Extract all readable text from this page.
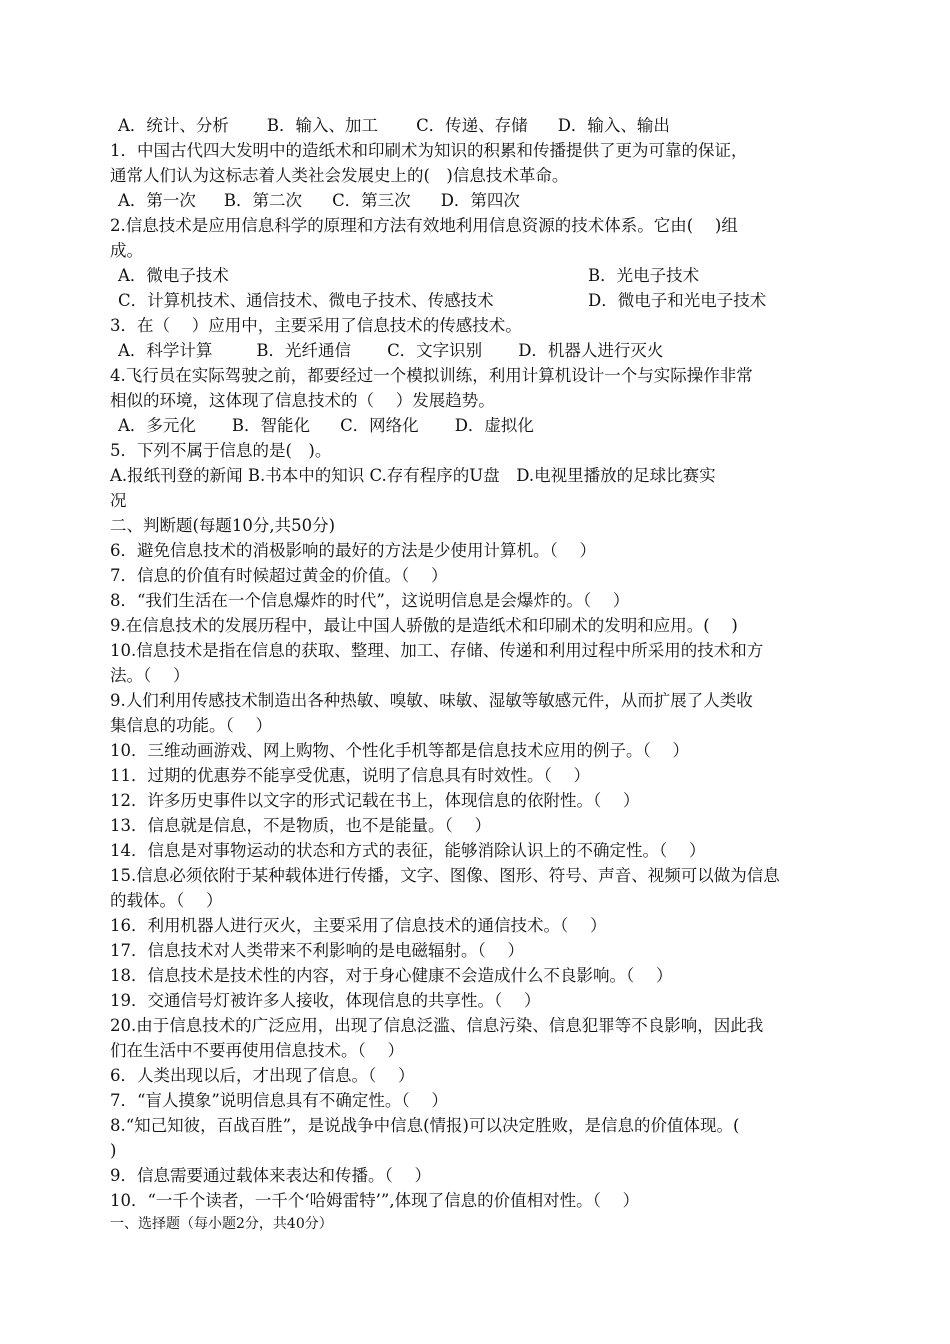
A．统计、分析 B．输入、加工 C．传递、存储 D．输入、输出
1．中国古代四大发明中的造纸术和印刷术为知识的积累和传播提供了更为可靠的保证，
通常人们认为这标志着人类社会发展史上的(　)信息技术革命。
A．第一次 B．第二次 C．第三次 D．第四次
2.信息技术是应用信息科学的原理和方法有效地利用信息资源的技术体系。它由(　 )组
成。
A．微电子技术	B．光电子技术
C．计算机技术、通信技术、微电子技术、传感技术	D．微电子和光电子技术
3．在（　 ）应用中，主要采用了信息技术的传感技术。
A．科学计算	B．光纤通信 C．文字识别 D．机器人进行灭火
4.飞行员在实际驾驶之前，都要经过一个模拟训练，利用计算机设计一个与实际操作非常
相似的环境，这体现了信息技术的（　 ）发展趋势。
A．多元化 B．智能化 C．网络化 D．虚拟化
5．下列不属于信息的是(　)。
A.报纸刊登的新闻 B.书本中的知识 C.存有程序的U盘　D.电视里播放的足球比赛实
况
二、判断题(每题10分,共50分)
6．避免信息技术的消极影响的最好的方法是少使用计算机。（　 ）
7．信息的价值有时候超过黄金的价值。（　 ）
8．“我们生活在一个信息爆炸的时代”，这说明信息是会爆炸的。（　 ）
9.在信息技术的发展历程中，最让中国人骄傲的是造纸术和印刷术的发明和应用。(　 )
10.信息技术是指在信息的获取、整理、加工、存储、传递和利用过程中所采用的技术和方
法。（　 ）
9.人们利用传感技术制造出各种热敏、嗅敏、味敏、湿敏等敏感元件，从而扩展了人类收
集信息的功能。（　 ）
10．三维动画游戏、网上购物、个性化手机等都是信息技术应用的例子。（　 ）
11．过期的优惠券不能享受优惠，说明了信息具有时效性。（　 ）
12．许多历史事件以文字的形式记载在书上，体现信息的依附性。（　 ）
13．信息就是信息，不是物质，也不是能量。（　 ）
14．信息是对事物运动的状态和方式的表征，能够消除认识上的不确定性。（　 ）
15.信息必须依附于某种载体进行传播，文字、图像、图形、符号、声音、视频可以做为信息
的载体。（　 ）
16．利用机器人进行灭火，主要采用了信息技术的通信技术。（　 ）
17．信息技术对人类带来不利影响的是电磁辐射。（　 ）
18．信息技术是技术性的内容，对于身心健康不会造成什么不良影响。（　 ）
19．交通信号灯被许多人接收，体现信息的共享性。（　 ）
20.由于信息技术的广泛应用，出现了信息泛滥、信息污染、信息犯罪等不良影响，因此我
们在生活中不要再使用信息技术。（　 ）
6．人类出现以后，才出现了信息。（　 ）
7．“盲人摸象”说明信息具有不确定性。（　 ）
8.“知己知彼，百战百胜”，是说战争中信息(情报)可以决定胜败，是信息的价值体现。(
)
9．信息需要通过载体来表达和传播。（　 ）
10．“一千个读者，一千个‘哈姆雷特’”,体现了信息的价值相对性。（　 ）
一、选择题（每小题2分，共40分）
